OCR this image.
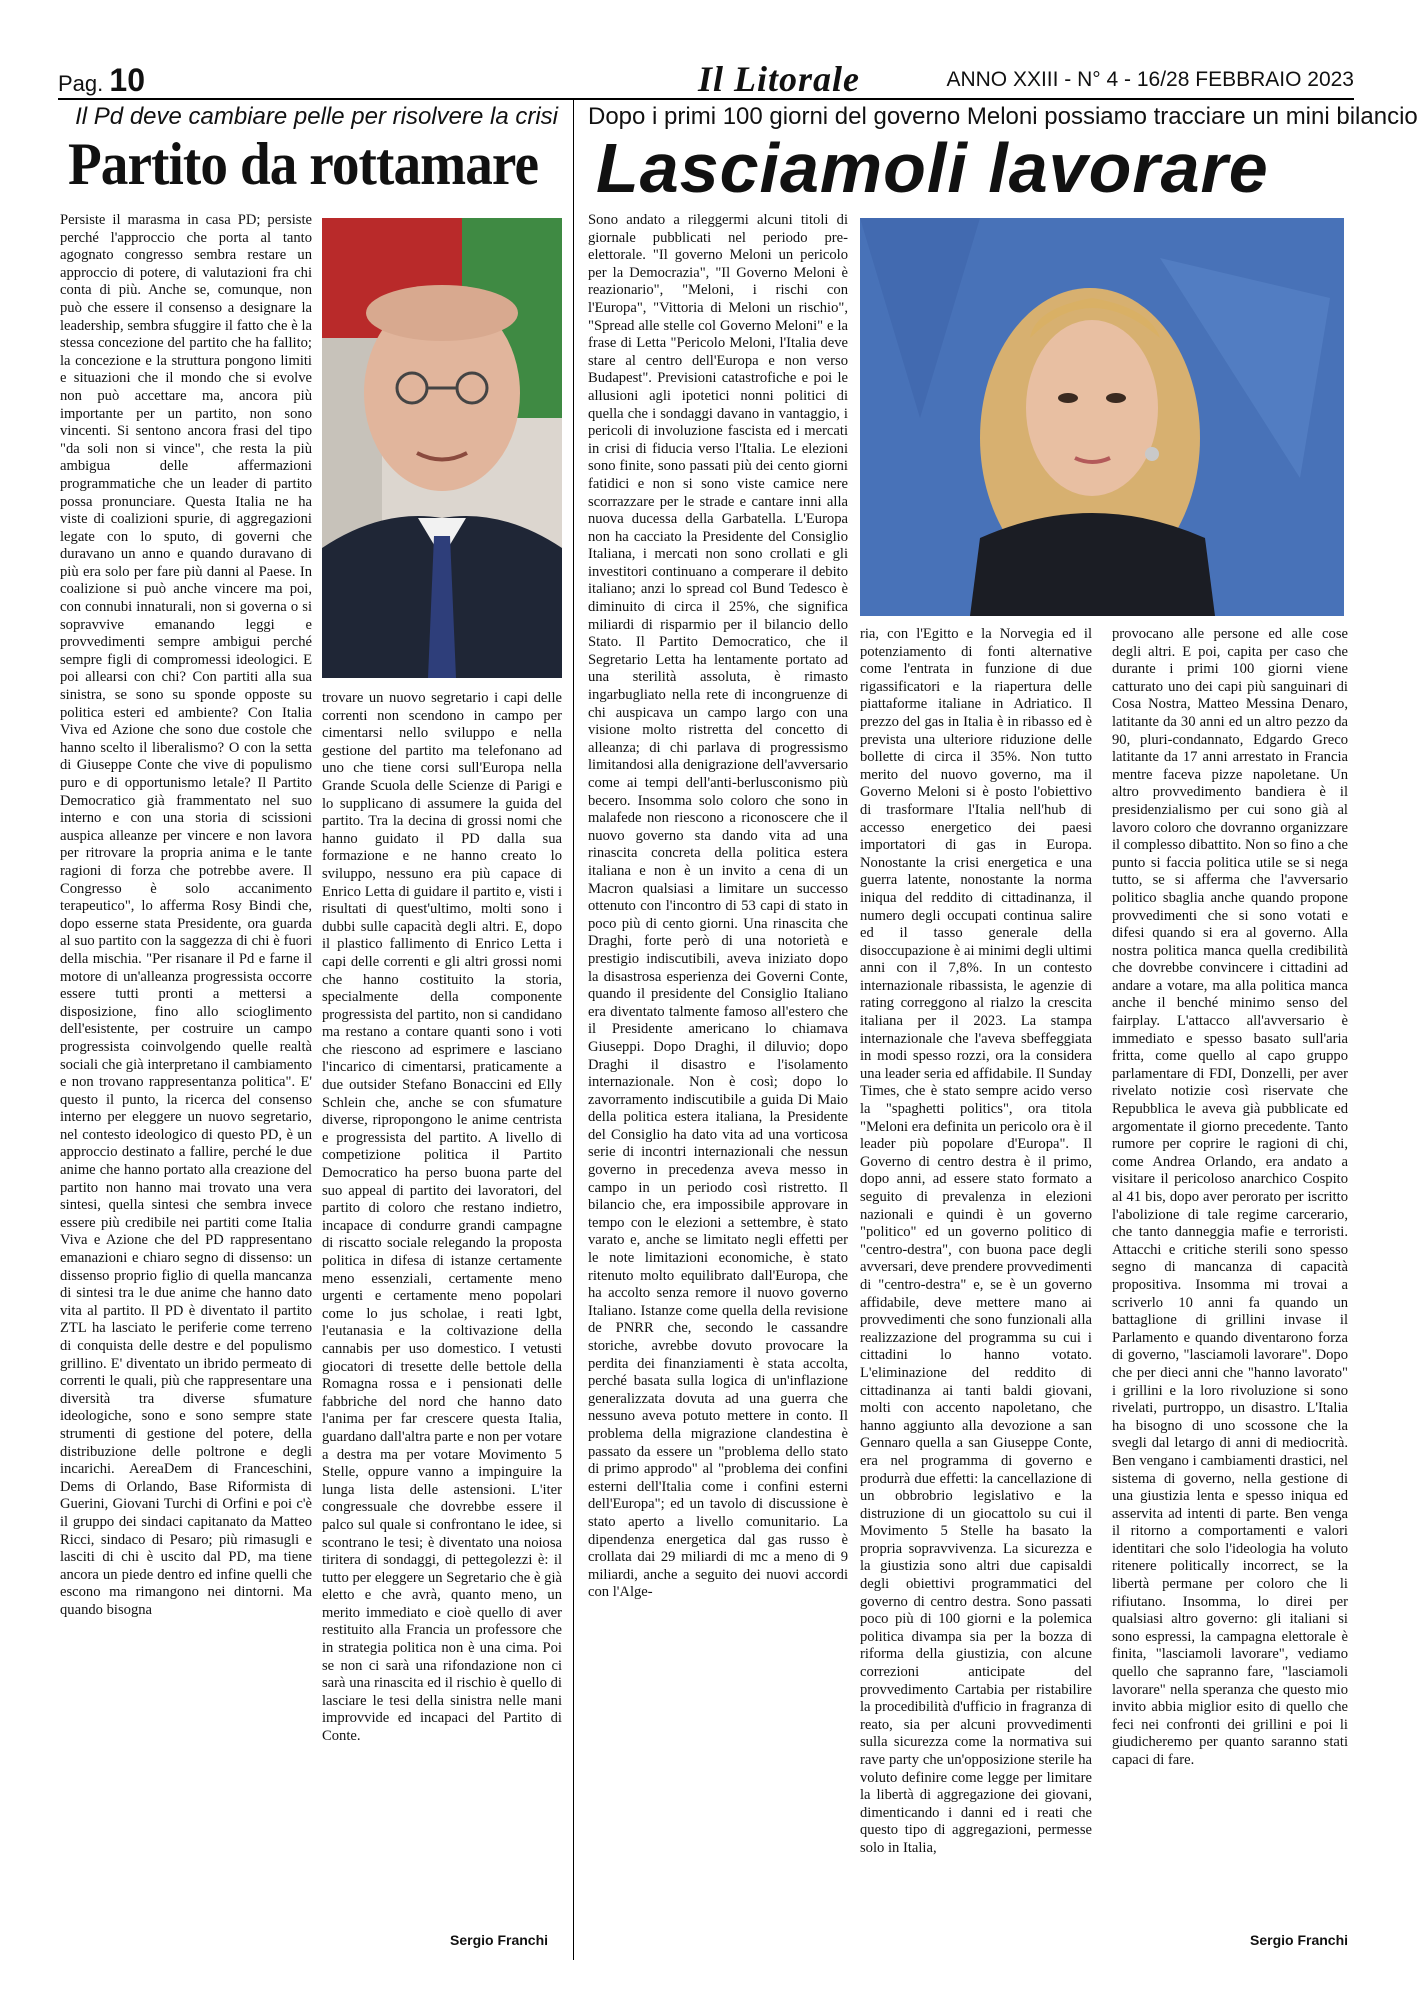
Pag. 10	Il Litorale	ANNO XXIII - N° 4 - 16/28 FEBBRAIO 2023
Il Pd deve cambiare pelle per risolvere la crisi Dopo i primi 100 giorni del governo Meloni possiamo tracciare un mini bilancio
Partito da rottamare Lasciamoli lavorare

Persiste il marasma in casa PD; persiste perché l'approccio che porta al tanto agognato congresso sembra restare un approccio di potere, di valutazioni fra chi conta di più. Anche se, comunque, non può che essere il consenso a designare la leadership, sembra sfuggire il fatto che è la stessa concezione del partito che ha fallito; la concezione e la struttura pongono limiti e situazioni che il mondo che si evolve non può accettare ma, ancora più importante per un partito, non sono vincenti. Si sentono ancora frasi del tipo "da soli non si vince", che resta la più ambigua delle affermazioni programmatiche che un leader di partito possa pronunciare. Questa Italia ne ha viste di coalizioni spurie, di aggregazioni legate con lo sputo, di governi che duravano un anno e quando duravano di più era solo per fare più danni al Paese. In coalizione si può anche vincere ma poi, con connubi innaturali, non si governa o si sopravvive emanando leggi e provvedimenti sempre ambigui perché sempre figli di compromessi ideologici. E poi allearsi con chi? Con partiti alla sua sinistra, se sono su sponde opposte su politica esteri ed ambiente? Con Italia Viva ed Azione che sono due costole che hanno scelto il liberalismo? O con la setta di Giuseppe Conte che vive di populismo puro e di opportunismo letale? Il Partito Democratico già frammentato nel suo interno e con una storia di scissioni auspica alleanze per vincere e non lavora per ritrovare la propria anima e le tante ragioni di forza che potrebbe avere. Il Congresso è solo accanimento terapeutico", lo afferma Rosy Bindi che, dopo esserne stata Presidente, ora guarda al suo partito con la saggezza di chi è fuori della mischia. "Per risanare il Pd e farne il motore di un'alleanza progressista occorre essere tutti pronti a mettersi a disposizione, fino allo scioglimento dell'esistente, per costruire un campo progressista coinvolgendo quelle realtà sociali che già interpretano il cambiamento e non trovano rappresentanza politica". E' questo il punto, la ricerca del consenso interno per eleggere un nuovo segretario, nel contesto ideologico di questo PD, è un approccio destinato a fallire, perché le due anime che hanno portato alla creazione del partito non hanno mai trovato una vera sintesi, quella sintesi che sembra invece essere più credibile nei partiti come Italia Viva e Azione che del PD rappresentano emanazioni e chiaro segno di dissenso: un dissenso proprio figlio di quella mancanza di sintesi tra le due anime che hanno dato vita al partito. Il PD è diventato il partito ZTL ha lasciato le periferie come terreno di conquista delle destre e del populismo grillino. E' diventato un ibrido permeato di correnti le quali, più che rappresentare una diversità tra diverse sfumature ideologiche, sono e sono sempre state strumenti di gestione del potere, della distribuzione delle poltrone e degli incarichi. AereaDem di Franceschini, Dems di Orlando, Base Riformista di Guerini, Giovani Turchi di Orfini e poi c'è il gruppo dei sindaci capitanato da Matteo Ricci, sindaco di Pesaro; più rimasugli e lasciti di chi è uscito dal PD, ma tiene ancora un piede dentro ed infine quelli che escono ma rimangono nei dintorni. Ma quando bisogna

trovare un nuovo segretario i capi delle correnti non scendono in campo per cimentarsi nello sviluppo e nella gestione del partito ma telefonano ad uno che tiene corsi sull'Europa nella Grande Scuola delle Scienze di Parigi e lo supplicano di assumere la guida del partito. Tra la decina di grossi nomi che hanno guidato il PD dalla sua formazione e ne hanno creato lo sviluppo, nessuno era più capace di Enrico Letta di guidare il partito e, visti i risultati di quest'ultimo, molti sono i dubbi sulle capacità degli altri. E, dopo il plastico fallimento di Enrico Letta i capi delle correnti e gli altri grossi nomi che hanno costituito la storia, specialmente della componente progressista del partito, non si candidano ma restano a contare quanti sono i voti che riescono ad esprimere e lasciano l'incarico di cimentarsi, praticamente a due outsider Stefano Bonaccini ed Elly Schlein che, anche se con sfumature diverse, ripropongono le anime centrista e progressista del partito. A livello di competizione politica il Partito Democratico ha perso buona parte del suo appeal di partito dei lavoratori, del partito di coloro che restano indietro, incapace di condurre grandi campagne di riscatto sociale relegando la proposta politica in difesa di istanze certamente meno essenziali, certamente meno urgenti e certamente meno popolari come lo jus scholae, i reati lgbt, l'eutanasia e la coltivazione della cannabis per uso domestico. I vetusti giocatori di tresette delle bettole della Romagna rossa e i pensionati delle fabbriche del nord che hanno dato l'anima per far crescere questa Italia, guardano dall'altra parte e non per votare a destra ma per votare Movimento 5 Stelle, oppure vanno a impinguire la lunga lista delle astensioni. L'iter congressuale che dovrebbe essere il palco sul quale si confrontano le idee, si scontrano le tesi; è diventato una noiosa tiritera di sondaggi, di pettegolezzi è: il tutto per eleggere un Segretario che è già eletto e che avrà, quanto meno, un merito immediato e cioè quello di aver restituito alla Francia un professore che in strategia politica non è una cima. Poi se non ci sarà una rifondazione non ci sarà una rinascita ed il rischio è quello di lasciare le tesi della sinistra nelle mani improvvide ed incapaci del Partito di Conte.

Sergio Franchi

Sono andato a rileggermi alcuni titoli di giornale pubblicati nel periodo pre-elettorale. "Il governo Meloni un pericolo per la Democrazia", "Il Governo Meloni è reazionario", "Meloni, i rischi con l'Europa", "Vittoria di Meloni un rischio", "Spread alle stelle col Governo Meloni" e la frase di Letta "Pericolo Meloni, l'Italia deve stare al centro dell'Europa e non verso Budapest". Previsioni catastrofiche e poi le allusioni agli ipotetici nonni politici di quella che i sondaggi davano in vantaggio, i pericoli di involuzione fascista ed i mercati in crisi di fiducia verso l'Italia. Le elezioni sono finite, sono passati più dei cento giorni fatidici e non si sono viste camice nere scorrazzare per le strade e cantare inni alla nuova ducessa della Garbatella. L'Europa non ha cacciato la Presidente del Consiglio Italiana, i mercati non sono crollati e gli investitori continuano a comperare il debito italiano; anzi lo spread col Bund Tedesco è diminuito di circa il 25%, che significa miliardi di risparmio per il bilancio dello Stato. Il Partito Democratico, che il Segretario Letta ha lentamente portato ad una sterilità assoluta, è rimasto ingarbugliato nella rete di incongruenze di chi auspicava un campo largo con una visione molto ristretta del concetto di alleanza; di chi parlava di progressismo limitandosi alla denigrazione dell'avversario come ai tempi dell'anti-berlusconismo più becero. Insomma solo coloro che sono in malafede non riescono a riconoscere che il nuovo governo sta dando vita ad una rinascita concreta della politica estera italiana e non è un invito a cena di un Macron qualsiasi a limitare un successo ottenuto con l'incontro di 53 capi di stato in poco più di cento giorni. Una rinascita che Draghi, forte però di una notorietà e prestigio indiscutibili, aveva iniziato dopo la disastrosa esperienza dei Governi Conte, quando il presidente del Consiglio Italiano era diventato talmente famoso all'estero che il Presidente americano lo chiamava Giuseppi. Dopo Draghi, il diluvio; dopo Draghi il disastro e l'isolamento internazionale. Non è così; dopo lo zavorramento indiscutibile a guida Di Maio della politica estera italiana, la Presidente del Consiglio ha dato vita ad una vorticosa serie di incontri internazionali che nessun governo in precedenza aveva messo in campo in un periodo così ristretto. Il bilancio che, era impossibile approvare in tempo con le elezioni a settembre, è stato varato e, anche se limitato negli effetti per le note limitazioni economiche, è stato ritenuto molto equilibrato dall'Europa, che ha accolto senza remore il nuovo governo Italiano. Istanze come quella della revisione de PNRR che, secondo le cassandre storiche, avrebbe dovuto provocare la perdita dei finanziamenti è stata accolta, perché basata sulla logica di un'inflazione generalizzata dovuta ad una guerra che nessuno aveva potuto mettere in conto. Il problema della migrazione clandestina è passato da essere un "problema dello stato di primo approdo" al "problema dei confini esterni dell'Italia come i confini esterni dell'Europa"; ed un tavolo di discussione è stato aperto a livello comunitario. La dipendenza energetica dal gas russo è crollata dai 29 miliardi di mc a meno di 9 miliardi, anche a seguito dei nuovi accordi con l'Alge-

ria, con l'Egitto e la Norvegia ed il potenziamento di fonti alternative come l'entrata in funzione di due rigassificatori e la riapertura delle piattaforme italiane in Adriatico. Il prezzo del gas in Italia è in ribasso ed è prevista una ulteriore riduzione delle bollette di circa il 35%. Non tutto merito del nuovo governo, ma il Governo Meloni si è posto l'obiettivo di trasformare l'Italia nell'hub di accesso energetico dei paesi importatori di gas in Europa. Nonostante la crisi energetica e una guerra latente, nonostante la norma iniqua del reddito di cittadinanza, il numero degli occupati continua salire ed il tasso generale della disoccupazione è ai minimi degli ultimi anni con il 7,8%. In un contesto internazionale ribassista, le agenzie di rating correggono al rialzo la crescita italiana per il 2023. La stampa internazionale che l'aveva sbeffeggiata in modi spesso rozzi, ora la considera una leader seria ed affidabile. Il Sunday Times, che è stato sempre acido verso la "spaghetti politics", ora titola "Meloni era definita un pericolo ora è il leader più popolare d'Europa". Il Governo di centro destra è il primo, dopo anni, ad essere stato formato a seguito di prevalenza in elezioni nazionali e quindi è un governo "politico" ed un governo politico di "centro-destra", con buona pace degli avversari, deve prendere provvedimenti di "centro-destra" e, se è un governo affidabile, deve mettere mano ai provvedimenti che sono funzionali alla realizzazione del programma su cui i cittadini lo hanno votato. L'eliminazione del reddito di cittadinanza ai tanti baldi giovani, molti con accento napoletano, che hanno aggiunto alla devozione a san Gennaro quella a san Giuseppe Conte, era nel programma di governo e produrrà due effetti: la cancellazione di un obbrobrio legislativo e la distruzione di un giocattolo su cui il Movimento 5 Stelle ha basato la propria sopravvivenza. La sicurezza e la giustizia sono altri due capisaldi degli obiettivi programmatici del governo di centro destra. Sono passati poco più di 100 giorni e la polemica politica divampa sia per la bozza di riforma della giustizia, con alcune correzioni anticipate del provvedimento Cartabia per ristabilire la procedibilità d'ufficio in fragranza di reato, sia per alcuni provvedimenti sulla sicurezza come la normativa sui rave party che un'opposizione sterile ha voluto definire come legge per limitare la libertà di aggregazione dei giovani, dimenticando i danni ed i reati che questo tipo di aggregazioni, permesse solo in Italia,

provocano alle persone ed alle cose degli altri. E poi, capita per caso che durante i primi 100 giorni viene catturato uno dei capi più sanguinari di Cosa Nostra, Matteo Messina Denaro, latitante da 30 anni ed un altro pezzo da 90, pluri-condannato, Edgardo Greco latitante da 17 anni arrestato in Francia mentre faceva pizze napoletane. Un altro provvedimento bandiera è il presidenzialismo per cui sono già al lavoro coloro che dovranno organizzare il complesso dibattito. Non so fino a che punto si faccia politica utile se si nega tutto, se si afferma che l'avversario politico sbaglia anche quando propone provvedimenti che si sono votati e difesi quando si era al governo. Alla nostra politica manca quella credibilità che dovrebbe convincere i cittadini ad andare a votare, ma alla politica manca anche il benché minimo senso del fairplay. L'attacco all'avversario è immediato e spesso basato sull'aria fritta, come quello al capo gruppo parlamentare di FDI, Donzelli, per aver rivelato notizie così riservate che Repubblica le aveva già pubblicate ed argomentate il giorno precedente. Tanto rumore per coprire le ragioni di chi, come Andrea Orlando, era andato a visitare il pericoloso anarchico Cospito al 41 bis, dopo aver perorato per iscritto l'abolizione di tale regime carcerario, che tanto danneggia mafie e terroristi. Attacchi e critiche sterili sono spesso segno di mancanza di capacità propositiva. Insomma mi trovai a scriverlo 10 anni fa quando un battaglione di grillini invase il Parlamento e quando diventarono forza di governo, "lasciamoli lavorare". Dopo che per dieci anni che "hanno lavorato" i grillini e la loro rivoluzione si sono rivelati, purtroppo, un disastro. L'Italia ha bisogno di uno scossone che la svegli dal letargo di anni di mediocrità. Ben vengano i cambiamenti drastici, nel sistema di governo, nella gestione di una giustizia lenta e spesso iniqua ed asservita ad intenti di parte. Ben venga il ritorno a comportamenti e valori identitari che solo l'ideologia ha voluto ritenere politically incorrect, se la libertà permane per coloro che li rifiutano. Insomma, lo direi per qualsiasi altro governo: gli italiani si sono espressi, la campagna elettorale è finita, "lasciamoli lavorare", vediamo quello che sapranno fare, "lasciamoli lavorare" nella speranza che questo mio invito abbia miglior esito di quello che feci nei confronti dei grillini e poi li giudicheremo per quanto saranno stati capaci di fare.

Sergio Franchi
